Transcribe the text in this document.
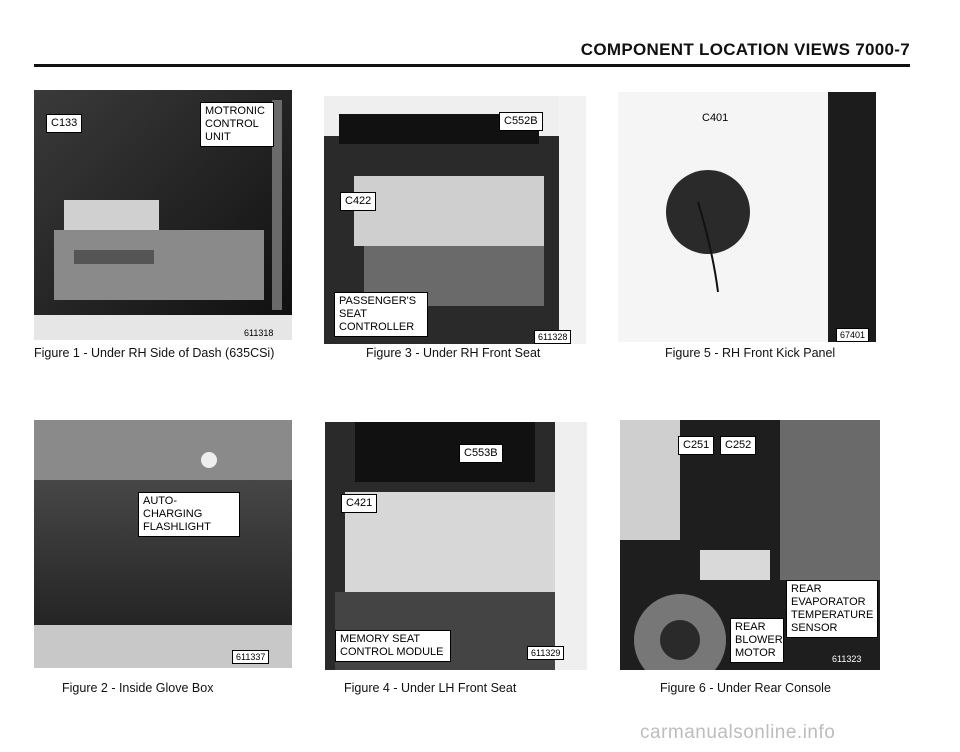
COMPONENT LOCATION VIEWS 7000-7
C133
MOTRONIC CONTROL UNIT
611318
Figure 1 - Under RH Side of Dash (635CSi)
C552B
C422
PASSENGER'S SEAT CONTROLLER
611328
Figure 3 - Under RH Front Seat
C401
67401
Figure 5 - RH Front Kick Panel
AUTO-CHARGING FLASHLIGHT
611337
Figure 2 - Inside Glove Box
C553B
C421
MEMORY SEAT CONTROL MODULE	611329
Figure 4 - Under LH Front Seat
C251	C252
REAR EVAPORATOR TEMPERATURE SENSOR
REAR BLOWER MOTOR	611323
Figure 6 - Under Rear Console
carmanualsonline.info
